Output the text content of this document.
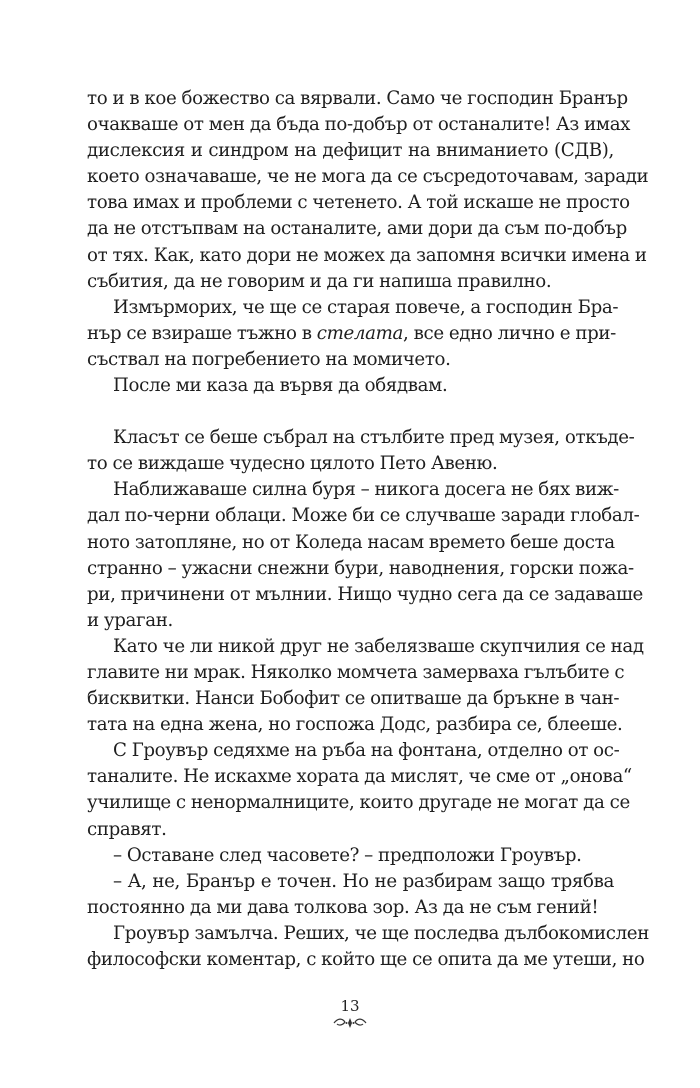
то и в кое божество са вярвали. Само че господин Бранър
очакваше от мен да бъда по-добър от останалите! Аз имах
дислексия и синдром на дефицит на вниманието (СДВ),
което означаваше, че не мога да се съсредоточавам, заради
това имах и проблеми с четенето. А той искаше не просто
да не отстъпвам на останалите, ами дори да съм по-добър
от тях. Как, като дори не можех да запомня всички имена и
събития, да не говорим и да ги напиша правилно.
Измърморих, че ще се старая повече, а господин Бра-
нър се взираше тъжно в стелата, все едно лично е при-
съствал на погребението на момичето.
После ми каза да вървя да обядвам.
Класът се беше събрал на стълбите пред музея, откъде-
то се виждаше чудесно цялото Пето Авеню.
Наближаваше силна буря – никога досега не бях виж-
дал по-черни облаци. Може би се случваше заради глобал-
ното затопляне, но от Коледа насам времето беше доста
странно – ужасни снежни бури, наводнения, горски пожа-
ри, причинени от мълнии. Нищо чудно сега да се задаваше
и ураган.
Като че ли никой друг не забелязваше скупчилия се над
главите ни мрак. Няколко момчета замерваха гълъбите с
бисквитки. Нанси Бобофит се опитваше да бръкне в чан-
тата на една жена, но госпожа Додс, разбира се, блееше.
С Гроувър седяхме на ръба на фонтана, отделно от ос-
таналите. Не искахме хората да мислят, че сме от „онова“
училище с ненормалниците, които другаде не могат да се
справят.
– Оставане след часовете? – предположи Гроувър.
– А, не, Бранър е точен. Но не разбирам защо трябва
постоянно да ми дава толкова зор. Аз да не съм гений!
Гроувър замълча. Реших, че ще последва дълбокомислен
философски коментар, с който ще се опита да ме утеши, но
13
